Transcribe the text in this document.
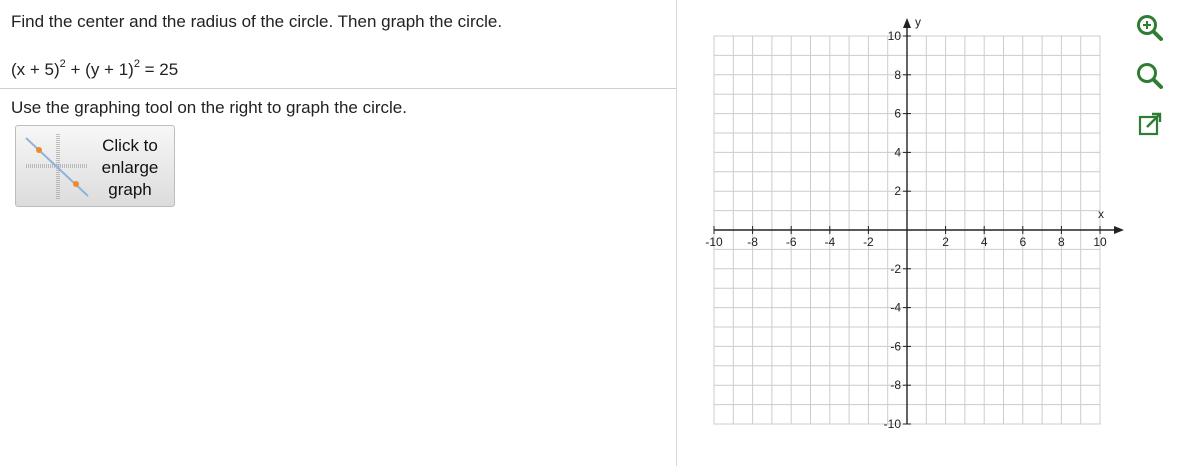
Find the center and the radius of the circle. Then graph the circle.
$(x + 5)^2 + (y + 1)^2 = 25$
Use the graphing tool on the right to graph the circle.
Click to
enlarge
graph
x
y
-10 -8 -6 -4 -2	2	4	6	8 10
10
8
6
4
2
-2
-4
-6
-8
-10
